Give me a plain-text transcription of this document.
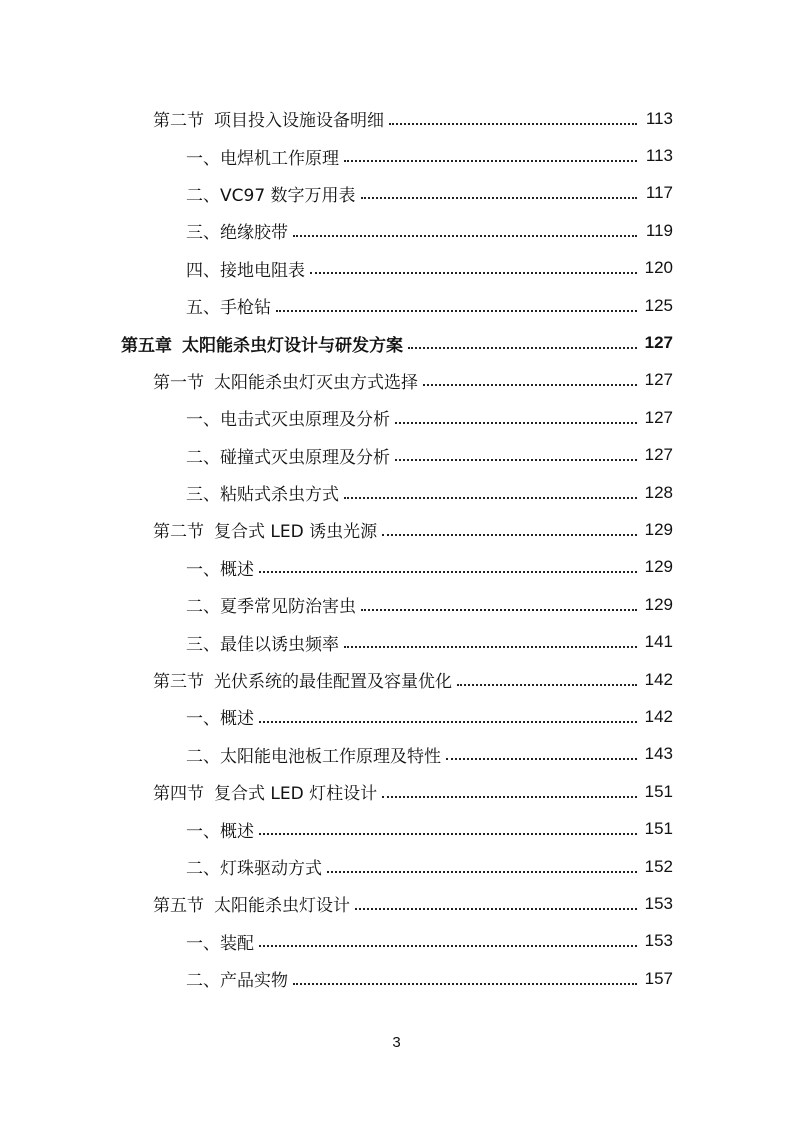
第二节 项目投入设施设备明细	113
一、电焊机工作原理	113
二、VC97 数字万用表	117
三、绝缘胶带	119
四、接地电阻表	120
五、手枪钻	125
第五章 太阳能杀虫灯设计与研发方案	127
第一节 太阳能杀虫灯灭虫方式选择	127
一、电击式灭虫原理及分析	127
二、碰撞式灭虫原理及分析	127
三、粘贴式杀虫方式	128
第二节 复合式 LED 诱虫光源	129
一、概述	129
二、夏季常见防治害虫	129
三、最佳以诱虫频率	141
第三节 光伏系统的最佳配置及容量优化	142
一、概述	142
二、太阳能电池板工作原理及特性	143
第四节 复合式 LED 灯柱设计	151
一、概述	151
二、灯珠驱动方式	152
第五节 太阳能杀虫灯设计	153
一、装配	153
二、产品实物	157
3
